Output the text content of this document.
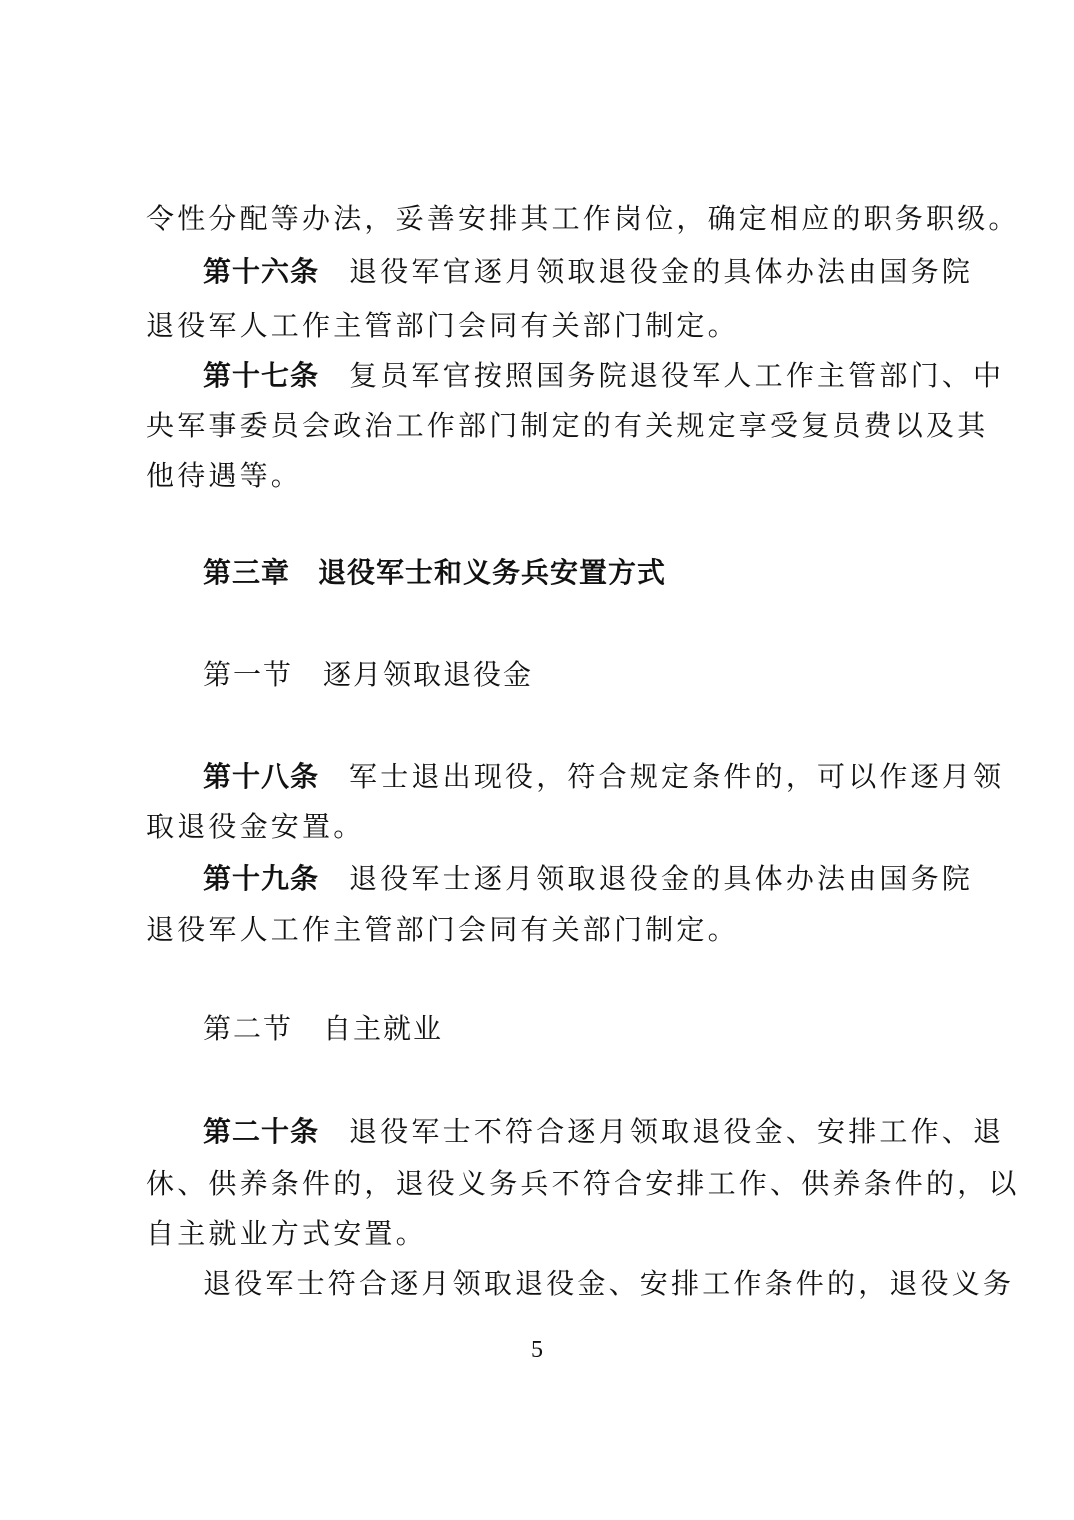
令性分配等办法，妥善安排其工作岗位，确定相应的职务职级。
第十六条 退役军官逐月领取退役金的具体办法由国务院
退役军人工作主管部门会同有关部门制定。
第十七条 复员军官按照国务院退役军人工作主管部门、中
央军事委员会政治工作部门制定的有关规定享受复员费以及其
他待遇等。
第三章 退役军士和义务兵安置方式
第一节 逐月领取退役金
第十八条 军士退出现役，符合规定条件的，可以作逐月领
取退役金安置。
第十九条 退役军士逐月领取退役金的具体办法由国务院
退役军人工作主管部门会同有关部门制定。
第二节 自主就业
第二十条 退役军士不符合逐月领取退役金、安排工作、退
休、供养条件的，退役义务兵不符合安排工作、供养条件的，以
自主就业方式安置。
退役军士符合逐月领取退役金、安排工作条件的，退役义务
5
